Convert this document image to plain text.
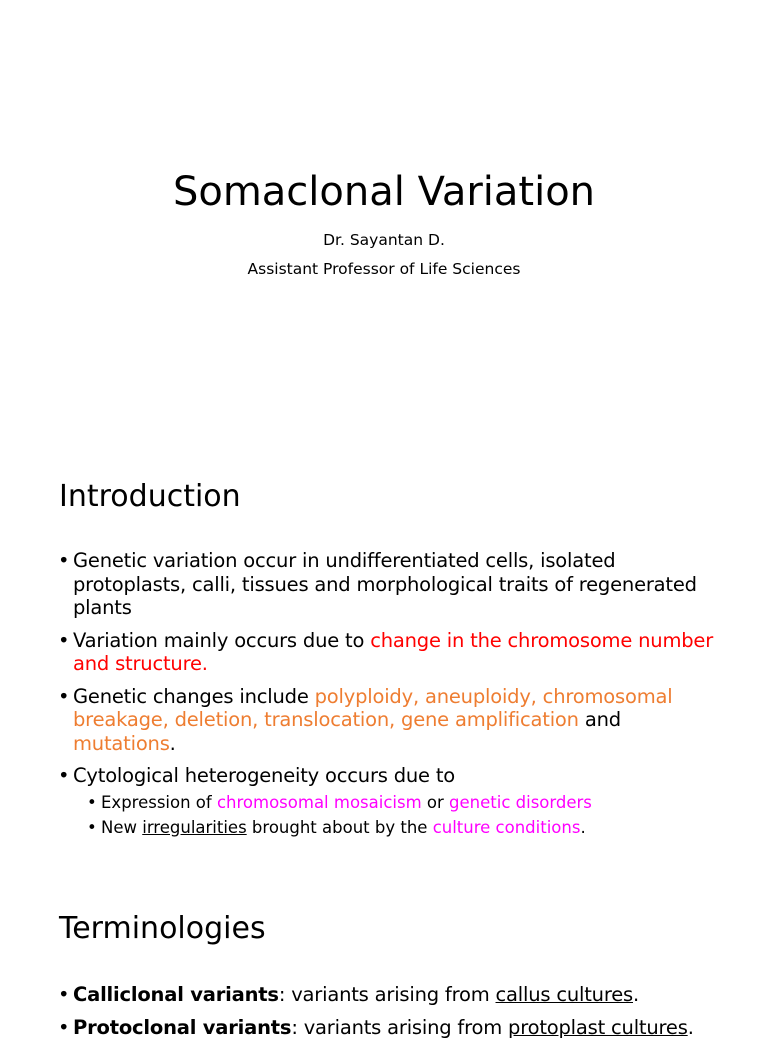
Somaclonal Variation
Dr. Sayantan D.
Assistant Professor of Life Sciences
Introduction
• Genetic variation occur in undifferentiated cells, isolated protoplasts, calli, tissues and morphological traits of regenerated plants
• Variation mainly occurs due to change in the chromosome number and structure.
• Genetic changes include polyploidy, aneuploidy, chromosomal breakage, deletion, translocation, gene amplification and mutations.
• Cytological heterogeneity occurs due to
• Expression of chromosomal mosaicism or genetic disorders
• New irregularities brought about by the culture conditions.
Terminologies
• Calliclonal variants: variants arising from callus cultures.
• Protoclonal variants: variants arising from protoplast cultures.
